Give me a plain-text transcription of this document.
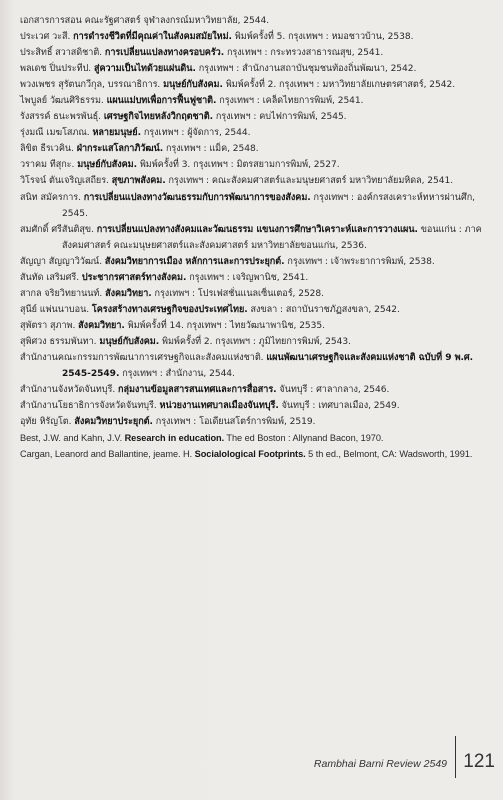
เอกสารการสอน คณะรัฐศาสตร์ จุฬาลงกรณ์มหาวิทยาลัย, 2544.
ประเวศ วะสี. การดำรงชีวิตที่มีคุณค่าในสังคมสมัยใหม่. พิมพ์ครั้งที่ 5. กรุงเทพฯ : หมอชาวบ้าน, 2538.
ประสิทธิ์ สวาสดิชาติ. การเปลี่ยนแปลงทางครอบครัว. กรุงเทพฯ : กระทรวงสาธารณสุข, 2541.
พลเดช ปิ่นประทีป. สู่ความเป็นไทด้วยแผ่นดิน. กรุงเทพฯ : สำนักงานสถาบันชุมชนท้องถิ่นพัฒนา, 2542.
พวงเพชร สุรัตนกวีกุล, บรรณาธิการ. มนุษย์กับสังคม. พิมพ์ครั้งที่ 2. กรุงเทพฯ : มหาวิทยาลัยเกษตรศาสตร์, 2542.
ไพบูลย์ วัฒนศิริธรรม. แผนแม่บทเพื่อการฟื้นฟูชาติ. กรุงเทพฯ : เคล็ดไทยการพิมพ์, 2541.
รังสรรค์ ธนะพรพันธุ์. เศรษฐกิจไทยหลังวิกฤตชาติ. กรุงเทพฯ : คบไฟการพิมพ์, 2545.
รุ่งมณี เมฆโสภณ. หลายมนุษย์. กรุงเทพฯ : ผู้จัดการ, 2544.
ลิขิต ธีรเวคิน. ฝ่ากระแสโลกาภิวัฒน์. กรุงเทพฯ : แม็ค, 2548.
วราคม ทีสุกะ. มนุษย์กับสังคม. พิมพ์ครั้งที่ 3. กรุงเทพฯ : มิตรสยามการพิมพ์, 2527.
วิโรจน์ ตันเจริญเสถียร. สุขภาพสังคม. กรุงเทพฯ : คณะสังคมศาสตร์และมนุษยศาสตร์ มหาวิทยาลัยมหิดล, 2541.
สนิท สมัครการ. การเปลี่ยนแปลงทางวัฒนธรรมกับการพัฒนาการของสังคม. กรุงเทพฯ : องค์กรสงเคราะห์ทหารผ่านศึก, 2545.
สมศักดิ์ ศรีสันติสุข. การเปลี่ยนแปลงทางสังคมและวัฒนธรรม แขนงการศึกษาวิเคราะห์และการวางแผน. ขอนแก่น : ภาคสังคมศาสตร์ คณะมนุษยศาสตร์และสังคมศาสตร์ มหาวิทยาลัยขอนแก่น, 2536.
สัญญา สัญญาวิวัฒน์. สังคมวิทยาการเมือง หลักการและการประยุกต์. กรุงเทพฯ : เจ้าพระยาการพิมพ์, 2538.
สันทัด เสริมศรี. ประชากรศาสตร์ทางสังคม. กรุงเทพฯ : เจริญพานิช, 2541.
สากล จริยวิทยานนท์. สังคมวิทยา. กรุงเทพฯ : โปรเฟสชั่นแนลเซ็นเตอร์, 2528.
สุนีย์ แพ่นนาบอน. โครงสร้างทางเศรษฐกิจของประเทศไทย. สงขลา : สถาบันราชภัฏสงขลา, 2542.
สุพัตรา สุภาพ. สังคมวิทยา. พิมพ์ครั้งที่ 14. กรุงเทพฯ : ไทยวัฒนาพานิช, 2535.
สุพิศวง ธรรมพันทา. มนุษย์กับสังคม. พิมพ์ครั้งที่ 2. กรุงเทพฯ : ภูมิไทยการพิมพ์, 2543.
สำนักงานคณะกรรมการพัฒนาการเศรษฐกิจและสังคมแห่งชาติ. แผนพัฒนาเศรษฐกิจและสังคมแห่งชาติ ฉบับที่ 9 พ.ศ. 2545-2549. กรุงเทพฯ : สำนักงาน, 2544.
สำนักงานจังหวัดจันทบุรี. กลุ่มงานข้อมูลสารสนเทศและการสื่อสาร. จันทบุรี : ศาลากลาง, 2546.
สำนักงานโยธาธิการจังหวัดจันทบุรี. หน่วยงานเทศบาลเมืองจันทบุรี. จันทบุรี : เทศบาลเมือง, 2549.
อุทัย หิรัญโต. สังคมวิทยาประยุกต์. กรุงเทพฯ : โอเดียนสโตร์การพิมพ์, 2519.
Best, J.W. and Kahn, J.V. Research in education. The ed Boston : Allynand Bacon, 1970.
Cargan, Leanord and Ballantine, jeame. H. Socialological Footprints. 5 th ed., Belmont, CA: Wadsworth, 1991.
Rambhai Barni Review 2549 121
